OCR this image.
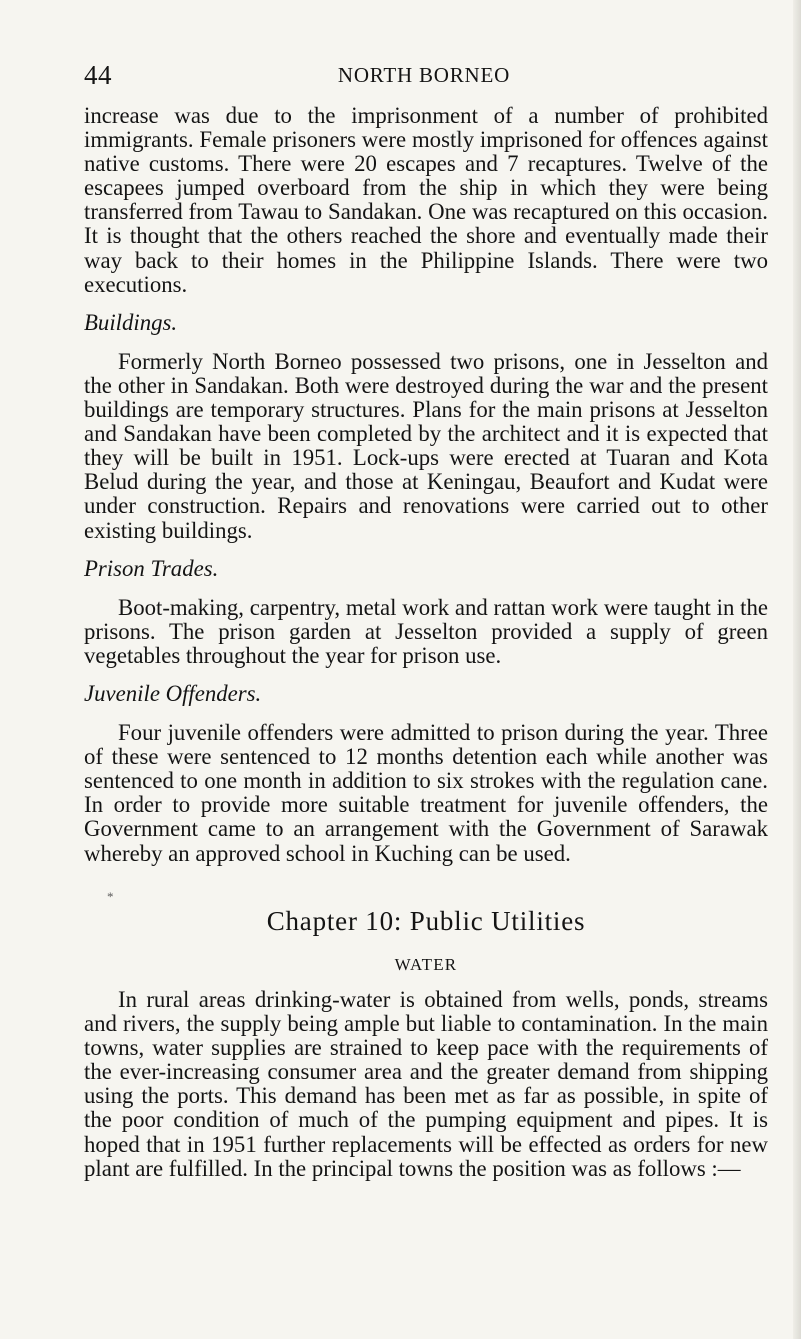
44	NORTH BORNEO

increase was due to the imprisonment of a number of prohibited immigrants. Female prisoners were mostly imprisoned for offences against native customs. There were 20 escapes and 7 recaptures. Twelve of the escapees jumped overboard from the ship in which they were being transferred from Tawau to Sandakan. One was recaptured on this occasion. It is thought that the others reached the shore and eventually made their way back to their homes in the Philippine Islands. There were two executions.

Buildings.

Formerly North Borneo possessed two prisons, one in Jesselton and the other in Sandakan. Both were destroyed during the war and the present buildings are temporary structures. Plans for the main prisons at Jesselton and Sandakan have been completed by the architect and it is expected that they will be built in 1951. Lock-ups were erected at Tuaran and Kota Belud during the year, and those at Keningau, Beaufort and Kudat were under construction. Repairs and renovations were carried out to other existing buildings.

Prison Trades.

Boot-making, carpentry, metal work and rattan work were taught in the prisons. The prison garden at Jesselton provided a supply of green vegetables throughout the year for prison use.

Juvenile Offenders.

Four juvenile offenders were admitted to prison during the year. Three of these were sentenced to 12 months detention each while another was sentenced to one month in addition to six strokes with the regulation cane. In order to provide more suitable treatment for juvenile offenders, the Government came to an arrangement with the Government of Sarawak whereby an approved school in Kuching can be used.

*
Chapter 10: Public Utilities
WATER

In rural areas drinking-water is obtained from wells, ponds, streams and rivers, the supply being ample but liable to contamination. In the main towns, water supplies are strained to keep pace with the requirements of the ever-increasing consumer area and the greater demand from shipping using the ports. This demand has been met as far as possible, in spite of the poor condition of much of the pumping equipment and pipes. It is hoped that in 1951 further replacements will be effected as orders for new plant are fulfilled. In the principal towns the position was as follows :—
